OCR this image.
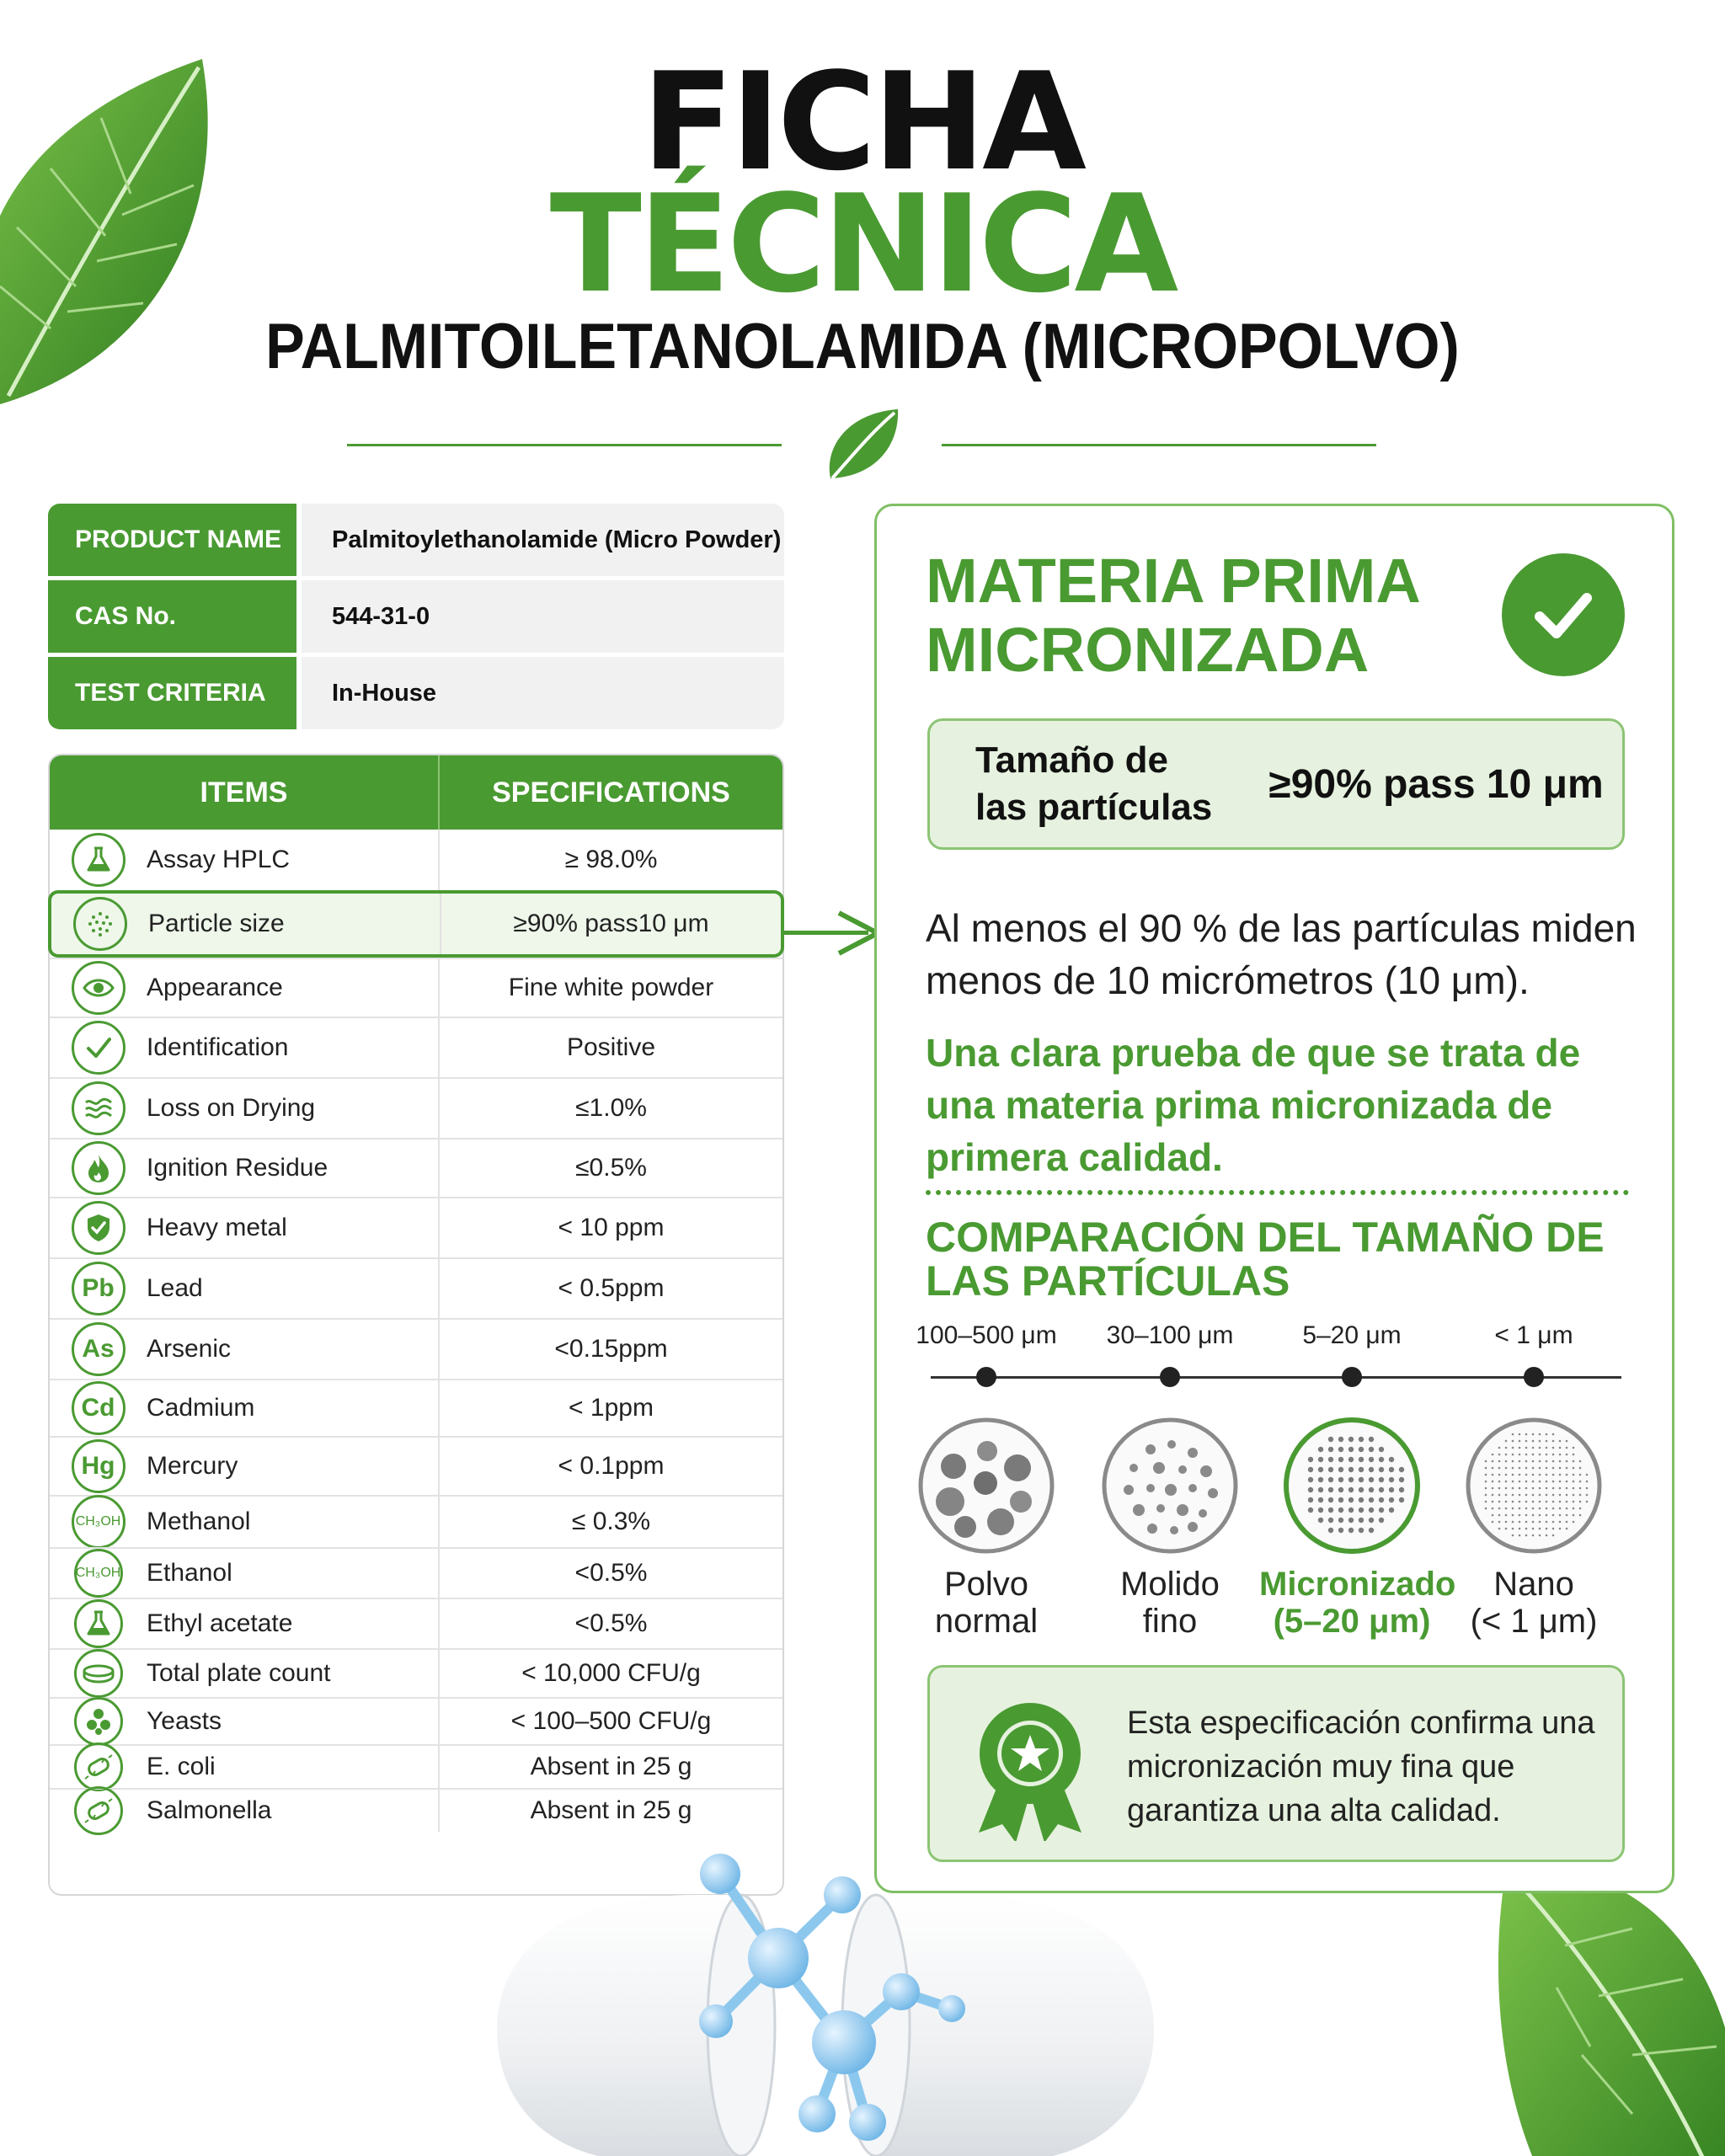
FICHA
TÉCNICA
PALMITOILETANOLAMIDA (MICROPOLVO)
PRODUCT NAME	Palmitoylethanolamide (Micro Powder)
CAS No.	544-31-0
TEST CRITERIA	In-House
ITEMS	SPECIFICATIONS
Assay HPLC	≥ 98.0%
Particle size	≥90% pass10 μm
Appearance	Fine white powder
Identification	Positive
Loss on Drying	≤1.0%
Ignition Residue	≤0.5%
Heavy metal	< 10 ppm
Pb Lead	< 0.5ppm
As Arsenic	<0.15ppm
Cd Cadmium	< 1ppm
Hg Mercury	< 0.1ppm
CH₃OH Methanol	≤ 0.3%
CH₃OH Ethanol	<0.5%
Ethyl acetate	<0.5%
Total plate count	< 10,000 CFU/g
Yeasts	< 100–500 CFU/g
E. coli	Absent in 25 g
Salmonella	Absent in 25 g
MATERIA PRIMA
MICRONIZADA
Tamaño de
las partículas
≥90% pass 10 μm
Al menos el 90 % de las partículas miden menos de 10 micrómetros (10 μm).
Una clara prueba de que se trata de una materia prima micronizada de primera calidad.
COMPARACIÓN DEL TAMAÑO DE LAS PARTÍCULAS
100–500 μm	30–100 μm	5–20 μm	< 1 μm
Polvo
normal
Molido
fino
Micronizado
(5–20 μm)
Nano
(< 1 μm)
Esta especificación confirma una micronización muy fina que garantiza una alta calidad.
